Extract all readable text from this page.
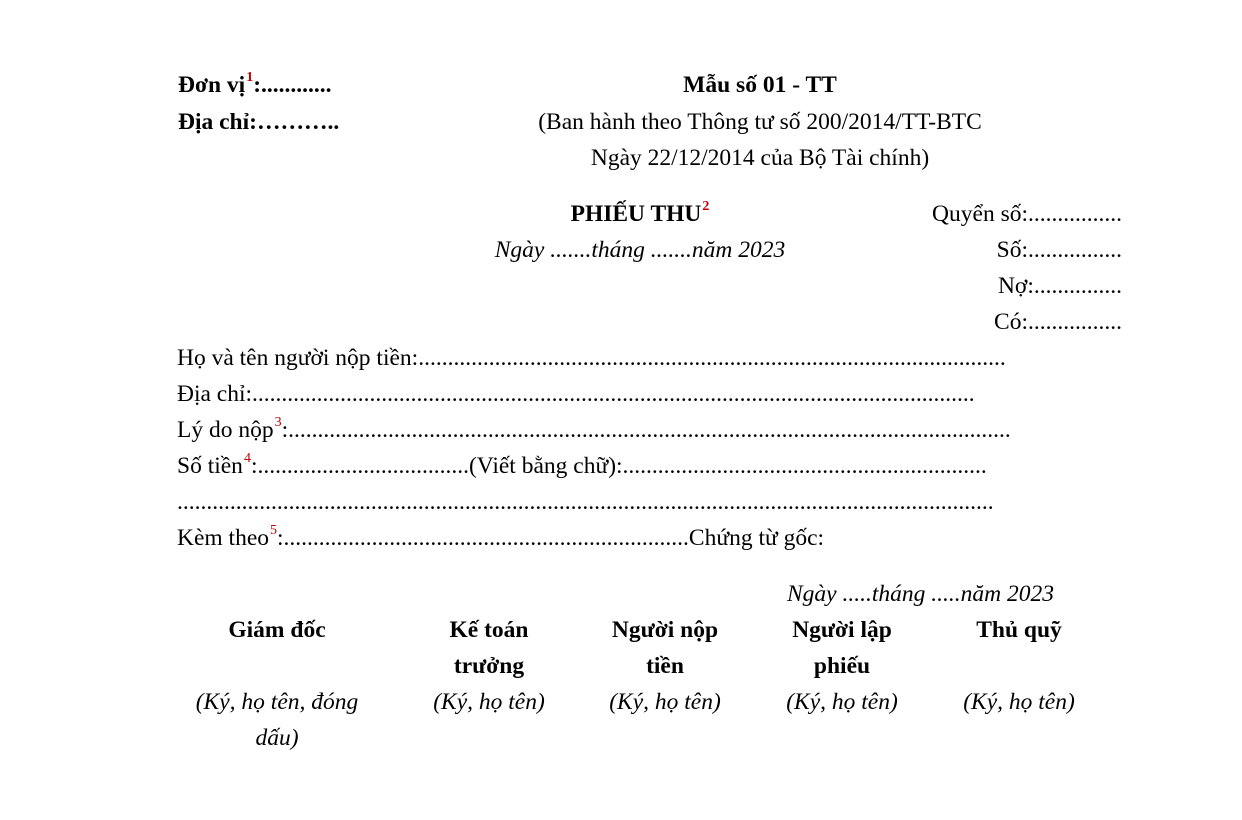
Đơn vị$^1$:............
Địa chỉ:………..
Mẫu số 01 - TT
(Ban hành theo Thông tư số 200/2014/TT-BTC
Ngày 22/12/2014 của Bộ Tài chính)
PHIẾU THU$^2$
Ngày .......tháng .......năm 2023
Quyển số:................
Số:................
Nợ:...............
Có:................
Họ và tên người nộp tiền:....................................................................................................
Địa chỉ:...........................................................................................................................
Lý do nộp$^3$:...........................................................................................................................
Số tiền$^4$:....................................(Viết bằng chữ):..............................................................
...........................................................................................................................................
Kèm theo$^5$:.....................................................................Chứng từ gốc:
Ngày .....tháng .....năm 2023
Giám đốc
(Ký, họ tên, đóng
dấu)
Kế toán
trưởng
(Ký, họ tên)
Người nộp
tiền
(Ký, họ tên)
Người lập
phiếu
(Ký, họ tên)
Thủ quỹ
(Ký, họ tên)
